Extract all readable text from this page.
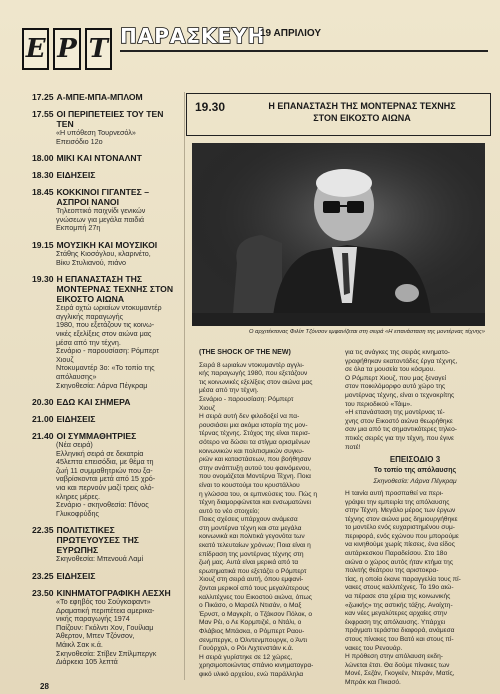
Ε Ρ Τ ΠΑΡΑΣΚΕΥΗ
19 ΑΠΡΙΛΙΟΥ
17.25 Α-ΜΠΕ-ΜΠΑ-ΜΠΛΟΜ
17.55 ΟΙ ΠΕΡΙΠΕΤΕΙΕΣ ΤΟΥ ΤΕΝ ΤΕΝ
«Η υπόθεση Τουρνεσόλ»
Επεισόδιο 12ο
18.00 ΜΙΚΙ ΚΑΙ ΝΤΟΝΑΛΝΤ
18.30 ΕΙΔΗΣΕΙΣ
18.45 ΚΟΚΚΙΝΟΙ ΓΙΓΑΝΤΕΣ – ΑΣΠΡΟΙ ΝΑΝΟΙ
Τηλεοπτικό παιχνίδι γενικών
γνώσεων για μεγάλα παιδιά
Εκπομπή 27η
19.15 ΜΟΥΣΙΚΗ ΚΑΙ ΜΟΥΣΙΚΟΙ
Στάθης Κιοσόγλου, κλαρινέτο,
Βίκυ Στυλιανού, πιάνο
19.30 Η ΕΠΑΝΑΣΤΑΣΗ ΤΗΣ ΜΟΝΤΕΡΝΑΣ ΤΕΧΝΗΣ ΣΤΟΝ ΕΙΚΟΣΤΟ ΑΙΩΝΑ
Σειρά οχτώ ωριαίων ντοκυμαντέρ
αγγλικής παραγωγής
1980, που εξετάζουν τις κοινω-
νικές εξελίξεις στον αιώνα μας
μέσα από την τέχνη.
Σενάριο - παρουσίαση: Ρόμπερτ
Χιουζ
Ντοκυμαντέρ 3ο: «Το τοπίο της
απόλαυσης»
Σκηνοθεσία: Λάρνα Πέγκραμ
20.30 ΕΔΩ ΚΑΙ ΣΗΜΕΡΑ
21.00 ΕΙΔΗΣΕΙΣ
21.40 ΟΙ ΣΥΜΜΑΘΗΤΡΙΕΣ
(Νέα σειρά)
Ελληνική σειρά σε δεκατρία
45λεπτα επεισόδια, με θέμα τη
ζωή 11 συμμαθητριών που ξα-
ναβρίσκονται μετά από 15 χρό-
νια και περνούν μαζί τρεις ολό-
κληρες μέρες.
Σενάριο - σκηνοθεσία: Πόνος
Γλυκοφρύδης
22.35 ΠΟΛΙΤΙΣΤΙΚΕΣ ΠΡΩΤΕΥΟΥΣΕΣ ΤΗΣ ΕΥΡΩΠΗΣ
Σκηνοθεσία: Μπενουά Λαμί
23.25 ΕΙΔΗΣΕΙΣ
23.50 ΚΙΝΗΜΑΤΟΓΡΑΦΙΚΗ ΛΕΣΧΗ
«Το εφηβός του Σούγκαφαντ»
Δραματική περιπέτεια αμερικα-
νικής παραγωγής 1974
Παίζουν: Γκόλντι Χον, Γουίλιαμ
Άθερτον, Μπεν Τζόνσον,
Μάικλ Σακ κ.ά.
Σκηνοθεσία: Στίβεν Σπίλμπεργκ
Διάρκεια 105 λεπτά
19.30	Η ΕΠΑΝΑΣΤΑΣΗ ΤΗΣ ΜΟΝΤΕΡΝΑΣ ΤΕΧΝΗΣ
ΣΤΟΝ ΕΙΚΟΣΤΟ ΑΙΩΝΑ
Ο αρχιτέκτονας Φιλίπ Τζόνσον εμφανίζεται στη σειρά «Η επανάσταση της μοντέρνας τέχνης»
(THE SHOCK OF THE NEW)
Σειρά 8 ωριαίων ντοκυμαντέρ αγγλι-
κής παραγωγής 1980, που εξετάζουν
τις κοινωνικές εξελίξεις στον αιώνα μας
μέσα από την τέχνη.
Σενάριο - παρουσίαση: Ρόμπερτ
Χιουζ
Η σειρά αυτή δεν φιλοδοξεί να πα-
ρουσιάσει μια ακόμα ιστορία της μον-
τέρνας τέχνης. Στόχος της είναι περισ-
σότερο να δώσει τα στίγμα ορισμένων
κοινωνικών και πολιτισμικών συγκυ-
ριών και καταστάσεων, που βοήθησαν
στην ανάπτυξη αυτού του φαινόμενου,
που ονομάζεται Μοντέρνα Τέχνη. Ποια
είναι το κουστούμι του κρυστάλλου
η γλώσσα του, οι εμπνεύσεις του. Πώς η
τέχνη διαμορφώνεται και ενσωματώνει
αυτό το νέο στοιχείο;
Ποιες σχέσεις υπάρχουν ανάμεσα
στη μοντέρνα τέχνη και στα μεγάλα
κοινωνικά και πολιτικά γεγονότα των
εκατό τελευταίων χρόνων; Ποια είναι η
επίδραση της μοντέρνας τέχνης στη
ζωή μας. Αυτά είναι μερικά από τα
ερωτηματικά που εξετάζει ο Ρόμπερτ
Χιουζ στη σειρά αυτή, όπου εμφανί-
ζονται μερικοί από τους μεγαλύτερους
καλλιτέχνες του Εικοστού αιώνα, όπως
ο Πικάσο, ο Μαρσέλ Ντισάν, ο Μαξ
Έρνστ, ο Μαγκρίτ, ο Τζάκσον Πόλοκ, ο
Μαν Ρέι, ο Λε Κορμπιζιέ, ο Ντάλι, ο
Φλάβιος Μπάσκα, ο Ρόμπερτ Ραου-
σενμπεργκ, ο Όλντενμπουργκ, ο Άντι
Γουόρχολ, ο Ρόι Λιχτενστάιν κ.ά.
Η σειρά γυρίστηκε σε 12 χώρες,
χρησιμοποιώντας σπάνιο κινηματογρα-
φικό υλικό αρχείου, ενώ παράλληλα
για τις ανάγκες της σειράς κινηματο-
γραφήθηκαν εκατοντάδες έργα τέχνης,
σε όλα τα μουσεία του κόσμου.
Ο Ρόμπερτ Χιουζ, που μας ξεναγεί
στον ποικιλόμορφο αυτό χώρο της
μοντέρνας τέχνης, είναι ο τεχνοκρίτης
του περιοδικού «Τάιμ».
«Η επανάσταση της μοντέρνας τέ-
χνης στον Εικοστό αιώνα θεωρήθηκε
σαν μια από τις σημαντικότερες τηλεο-
πτικές σειρές για την τέχνη, που έγινε
ποτέ!
ΕΠΕΙΣΟΔΙΟ 3
Το τοπίο της απόλαυσης
Σκηνοθεσία: Λάρνα Πέγκραμ
Η ταινία αυτή προσπαθεί να περι-
γράψει την εμπειρία της απόλαυσης
στην Τέχνη. Μεγάλο μέρος των έργων
τέχνης στον αιώνα μας δημιουργήθηκε
το μοντέλο ενός ευχαριστημένου συμ-
περιφορά, ενός εχώνου που μπορούμε
να κινηθούμε χωρίς πίεσεις, ένα είδος
αυτάρκεσκου Παραδείσου. Στο 18ο
αιώνα ο χώρος αυτός ήταν κτήμα της
πολιτής θεάτρου της αριστοκρα-
τίας, η οποία έκανε παραγγελία τους πί-
νακες στους καλλιτέχνες. Το 19ο αιώ-
να πέρασε στα χέρια της κοινωνικής
«ζωικής» της αστικής τάξης. Ανοίχτη-
καν νέες μεγαλύτερες αρχαίες στην
έκφραση της απόλαυσης. Υπάρχει
πράγματι τεράστια διαφορά, ανάμεσα
στους πίνακες του Βατό και στους πί-
νακες του Ρενουάρ.
Η πρόθεση στην απόλαυση εκδη-
λώνεται έτσι. Θα δούμε πίνακες των
Μονέ, Σεζάν, Γκογκέν, Ντεράν, Ματίς,
Μπράκ και Πικασό.
28
